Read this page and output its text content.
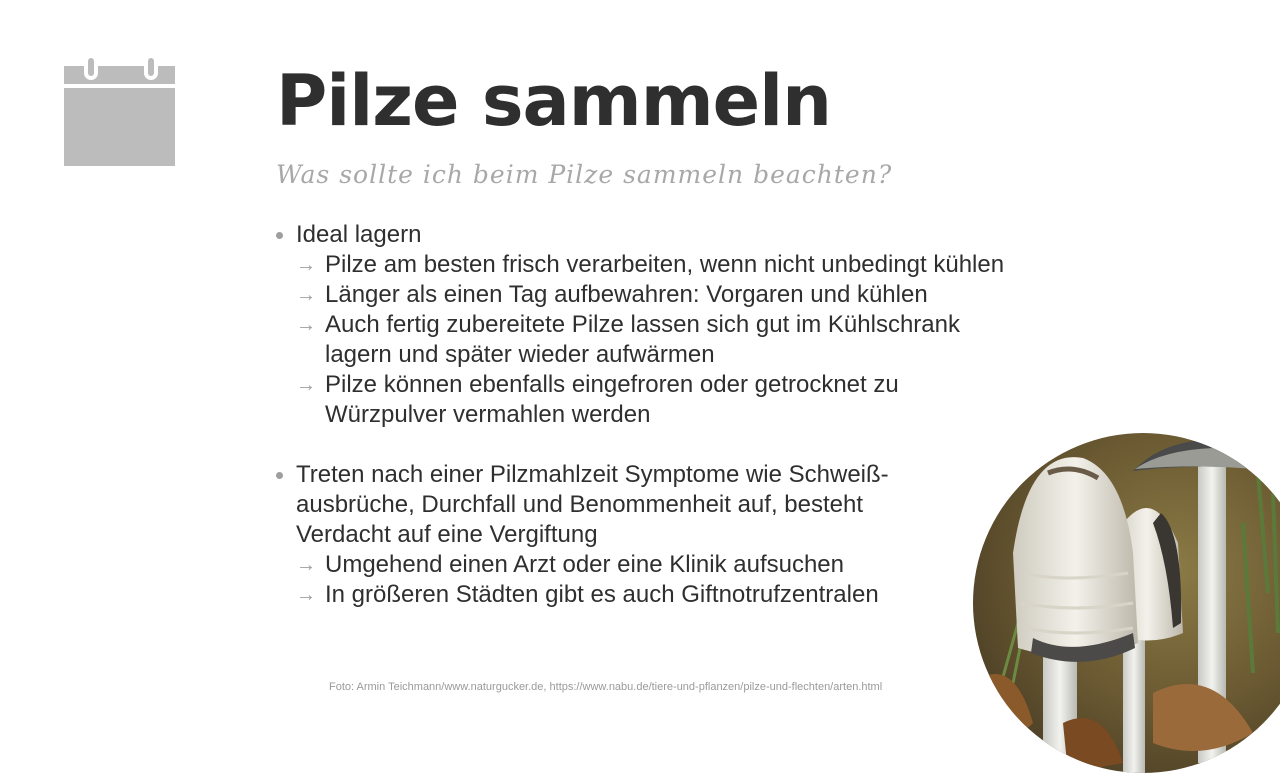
Pilze sammeln

Was sollte ich beim Pilze sammeln beachten?

Ideal lagern
→ Pilze am besten frisch verarbeiten, wenn nicht unbedingt kühlen
→ Länger als einen Tag aufbewahren: Vorgaren und kühlen
→ Auch fertig zubereitete Pilze lassen sich gut im Kühlschrank
lagern und später wieder aufwärmen
→ Pilze können ebenfalls eingefroren oder getrocknet zu
Würzpulver vermahlen werden
Treten nach einer Pilzmahlzeit Symptome wie Schweiß-
ausbrüche, Durchfall und Benommenheit auf, besteht
Verdacht auf eine Vergiftung
→ Umgehend einen Arzt oder eine Klinik aufsuchen
→ In größeren Städten gibt es auch Giftnotrufzentralen
Foto: Armin Teichmann/www.naturgucker.de, https://www.nabu.de/tiere-und-pflanzen/pilze-und-flechten/arten.html
